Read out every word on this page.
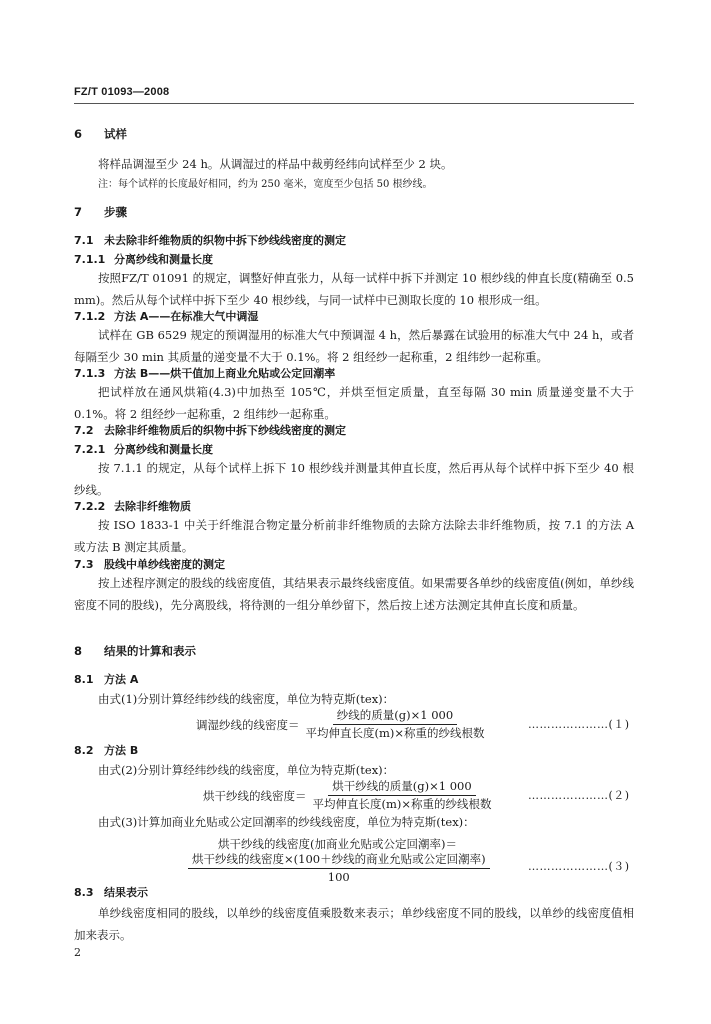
FZ/T 01093—2008
6 试样
将样品调湿至少 24 h。从调湿过的样品中裁剪经纬向试样至少 2 块。
注：每个试样的长度最好相同，约为 250 毫米，宽度至少包括 50 根纱线。
7 步骤
7.1 未去除非纤维物质的织物中拆下纱线线密度的测定
7.1.1 分离纱线和测量长度
按照FZ/T 01091 的规定，调整好伸直张力，从每一试样中拆下并测定 10 根纱线的伸直长度(精确至 0.5 mm)。然后从每个试样中拆下至少 40 根纱线，与同一试样中已测取长度的 10 根形成一组。
7.1.2 方法 A——在标准大气中调湿
试样在 GB 6529 规定的预调湿用的标准大气中预调湿 4 h，然后暴露在试验用的标准大气中 24 h，或者每隔至少 30 min 其质量的递变量不大于 0.1%。将 2 组经纱一起称重，2 组纬纱一起称重。
7.1.3 方法 B——烘干值加上商业允贴或公定回潮率
把试样放在通风烘箱(4.3)中加热至 105℃，并烘至恒定质量，直至每隔 30 min 质量递变量不大于 0.1%。将 2 组经纱一起称重，2 组纬纱一起称重。
7.2 去除非纤维物质后的织物中拆下纱线线密度的测定
7.2.1 分离纱线和测量长度
按 7.1.1 的规定，从每个试样上拆下 10 根纱线并测量其伸直长度，然后再从每个试样中拆下至少 40 根纱线。
7.2.2 去除非纤维物质
按 ISO 1833-1 中关于纤维混合物定量分析前非纤维物质的去除方法除去非纤维物质，按 7.1 的方法 A 或方法 B 测定其质量。
7.3 股线中单纱线密度的测定
按上述程序测定的股线的线密度值，其结果表示最终线密度值。如果需要各单纱的线密度值(例如，单纱线密度不同的股线)，先分离股线，将待测的一组分单纱留下，然后按上述方法测定其伸直长度和质量。
8 结果的计算和表示
8.1 方法 A
由式(1)分别计算经纬纱线的线密度，单位为特克斯(tex)：
调湿纱线的线密度＝ $\frac{\text{纱线的质量(g)×1 000}}{\text{平均伸直长度(m)×称重的纱线根数}}$	…………………(１)
8.2 方法 B
由式(2)分别计算经纬纱线的线密度，单位为特克斯(tex)：
烘干纱线的线密度＝ $\frac{\text{烘干纱线的质量(g)×1 000}}{\text{平均伸直长度(m)×称重的纱线根数}}$	…………………(２)
由式(3)计算加商业允贴或公定回潮率的纱线线密度，单位为特克斯(tex)：
烘干纱线的线密度(加商业允贴或公定回潮率)＝
$\frac{\text{烘干纱线的线密度×(100＋纱线的商业允贴或公定回潮率)}}{100}$	…………………(３)
8.3 结果表示
单纱线密度相同的股线，以单纱的线密度值乘股数来表示；单纱线密度不同的股线，以单纱的线密度值相加来表示。
2
